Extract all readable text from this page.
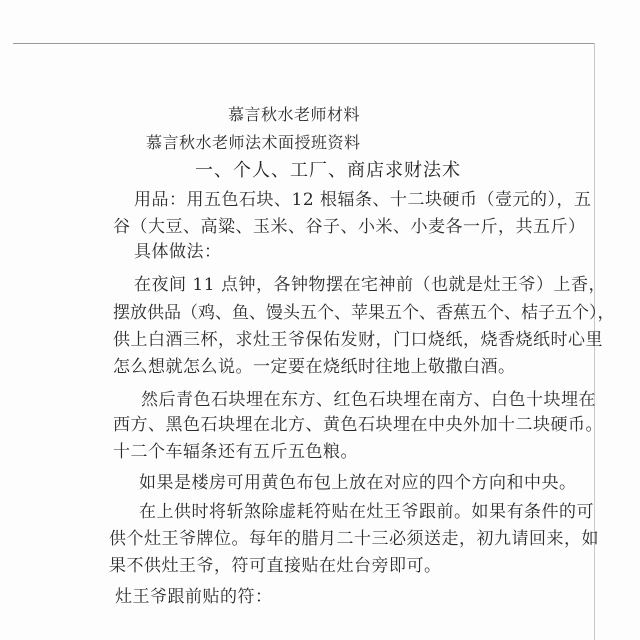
慕言秋水老师材料
慕言秋水老师法术面授班资料
一、个人、工厂、商店求财法术
用品：用五色石块、12 根辐条、十二块硬币（壹元的），五
谷（大豆、高粱、玉米、谷子、小米、小麦各一斤，共五斤）
具体做法：
在夜间 11 点钟，各钟物摆在宅神前（也就是灶王爷）上香，
摆放供品（鸡、鱼、馒头五个、苹果五个、香蕉五个、桔子五个），
供上白酒三杯，求灶王爷保佑发财，门口烧纸，烧香烧纸时心里
怎么想就怎么说。一定要在烧纸时往地上敬撒白酒。
然后青色石块埋在东方、红色石块埋在南方、白色十块埋在
西方、黑色石块埋在北方、黄色石块埋在中央外加十二块硬币。
十二个车辐条还有五斤五色粮。
如果是楼房可用黄色布包上放在对应的四个方向和中央。
在上供时将斩煞除虚耗符贴在灶王爷跟前。如果有条件的可
供个灶王爷牌位。每年的腊月二十三必须送走，初九请回来，如
果不供灶王爷，符可直接贴在灶台旁即可。
灶王爷跟前贴的符：
